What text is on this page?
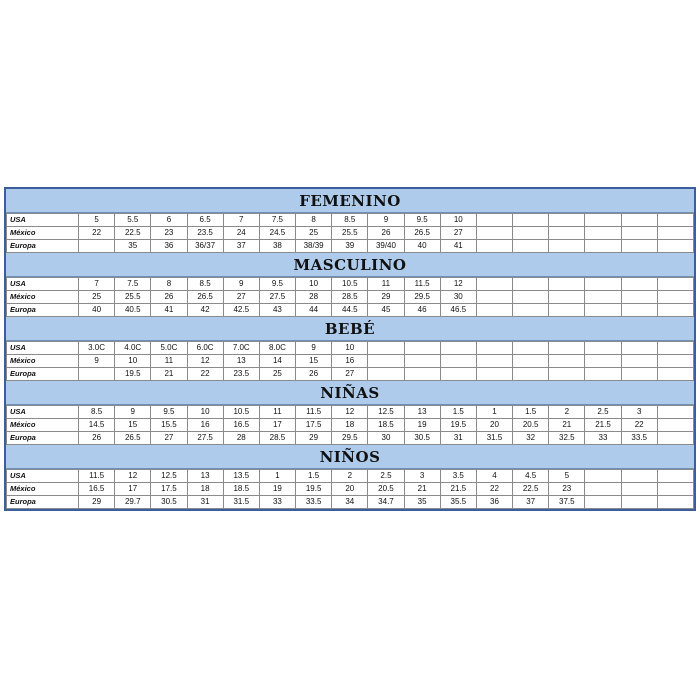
FEMENINO
USA	5	5.5	6	6.5	7	7.5	8	8.5	9	9.5	10						
México	22	22.5	23	23.5	24	24.5	25	25.5	26	26.5	27						
Europa		35	36	36/37	37	38	38/39	39	39/40	40	41						
MASCULINO
USA	7	7.5	8	8.5	9	9.5	10	10.5	11	11.5	12						
México	25	25.5	26	26.5	27	27.5	28	28.5	29	29.5	30						
Europa	40	40.5	41	42	42.5	43	44	44.5	45	46	46.5						
BEBÉ
USA	3.0C	4.0C	5.0C	6.0C	7.0C	8.0C	9	10									
México	9	10	11	12	13	14	15	16									
Europa		19.5	21	22	23.5	25	26	27									
NIÑAS
USA	8.5	9	9.5	10	10.5	11	11.5	12	12.5	13	1.5	1	1.5	2	2.5	3	
México	14.5	15	15.5	16	16.5	17	17.5	18	18.5	19	19.5	20	20.5	21	21.5	22	
Europa	26	26.5	27	27.5	28	28.5	29	29.5	30	30.5	31	31.5	32	32.5	33	33.5	
NIÑOS
USA	11.5	12	12.5	13	13.5	1	1.5	2	2.5	3	3.5	4	4.5	5			
México	16.5	17	17.5	18	18.5	19	19.5	20	20.5	21	21.5	22	22.5	23			
Europa	29	29.7	30.5	31	31.5	33	33.5	34	34.7	35	35.5	36	37	37.5			
